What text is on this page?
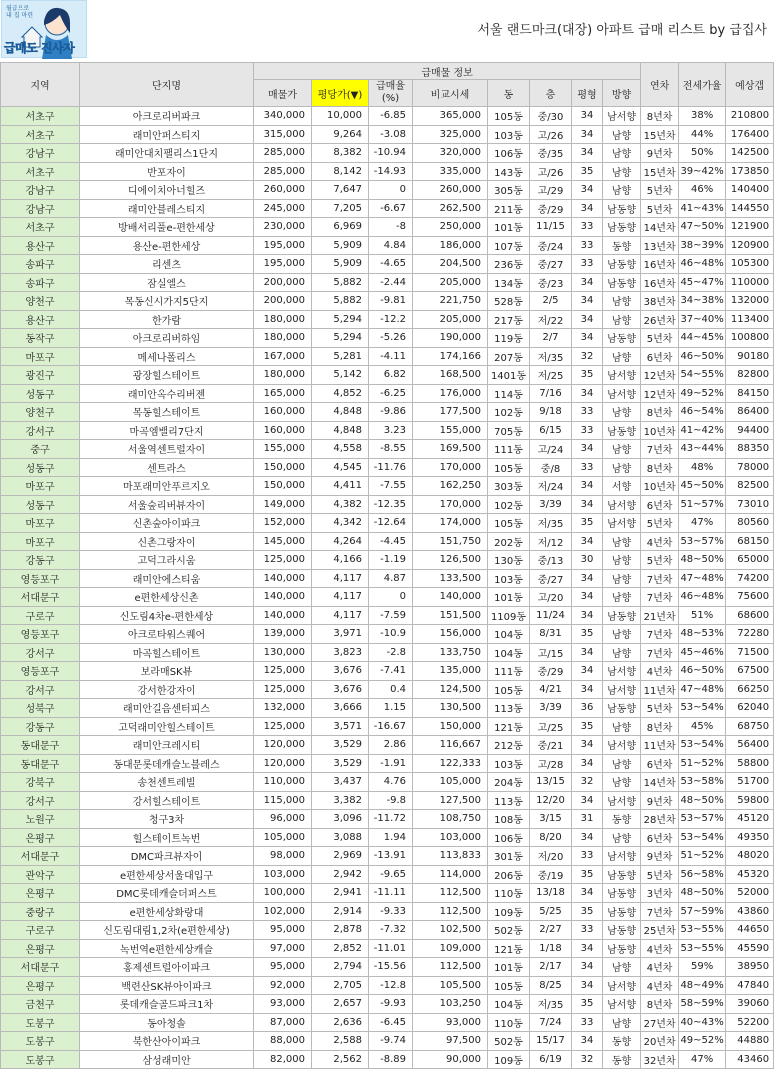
월급으로 내 집 마련
급매도 진사자
서울 랜드마크(대장) 아파트 급매 리스트 by 급집사
지역	단지명	급매물 정보								연차	전세가율	예상갭
		매물가	평당가(▼)	급매율 (%)	비교시세	동	층	평형	방향			
서초구	아크로리버파크	340,000	10,000	-6.85	365,000	105동	중/30	34	남서향	8년차	38%	210800
서초구	래미안퍼스티지	315,000	9,264	-3.08	325,000	103동	고/26	34	남향	15년차	44%	176400
강남구	래미안대치팰리스1단지	285,000	8,382	-10.94	320,000	106동	중/35	34	남향	9년차	50%	142500
서초구	반포자이	285,000	8,142	-14.93	335,000	143동	고/26	35	남향	15년차	39~42%	173850
강남구	디에이치아너힐즈	260,000	7,647	0	260,000	305동	고/29	34	남향	5년차	46%	140400
강남구	래미안블레스티지	245,000	7,205	-6.67	262,500	211동	중/29	34	남동향	5년차	41~43%	144550
서초구	방배서리풀e-편한세상	230,000	6,969	-8	250,000	101동	11/15	33	남동향	14년차	47~50%	121900
용산구	용산e-편한세상	195,000	5,909	4.84	186,000	107동	중/24	33	동향	13년차	38~39%	120900
송파구	리센츠	195,000	5,909	-4.65	204,500	236동	중/27	33	남동향	16년차	46~48%	105300
송파구	잠실엘스	200,000	5,882	-2.44	205,000	134동	중/23	34	남동향	16년차	45~47%	110000
양천구	목동신시가지5단지	200,000	5,882	-9.81	221,750	528동	2/5	34	남향	38년차	34~38%	132000
용산구	한가람	180,000	5,294	-12.2	205,000	217동	저/22	34	남향	26년차	37~40%	113400
동작구	아크로리버하임	180,000	5,294	-5.26	190,000	119동	2/7	34	남동향	5년차	44~45%	100800
마포구	메세나폴리스	167,000	5,281	-4.11	174,166	207동	저/35	32	남향	6년차	46~50%	90180
광진구	광장힐스테이트	180,000	5,142	6.82	168,500	1401동	저/25	35	남서향	12년차	54~55%	82800
성동구	래미안옥수리버젠	165,000	4,852	-6.25	176,000	114동	7/16	34	남서향	12년차	49~52%	84150
양천구	목동힐스테이트	160,000	4,848	-9.86	177,500	102동	9/18	33	남향	8년차	46~54%	86400
강서구	마곡엠밸리7단지	160,000	4,848	3.23	155,000	705동	6/15	33	남동향	10년차	41~42%	94400
중구	서울역센트럴자이	155,000	4,558	-8.55	169,500	111동	고/24	34	남향	7년차	43~44%	88350
성동구	센트라스	150,000	4,545	-11.76	170,000	105동	중/8	33	남향	8년차	48%	78000
마포구	마포래미안푸르지오	150,000	4,411	-7.55	162,250	303동	저/24	34	서향	10년차	45~50%	82500
성동구	서울숲리버뷰자이	149,000	4,382	-12.35	170,000	102동	3/39	34	남서향	6년차	51~57%	73010
마포구	신촌숲아이파크	152,000	4,342	-12.64	174,000	105동	저/35	35	남서향	5년차	47%	80560
마포구	신촌그랑자이	145,000	4,264	-4.45	151,750	202동	저/12	34	남향	4년차	53~57%	68150
강동구	고덕그라시움	125,000	4,166	-1.19	126,500	130동	중/13	30	남향	5년차	48~50%	65000
영등포구	래미안에스티움	140,000	4,117	4.87	133,500	103동	중/27	34	남향	7년차	47~48%	74200
서대문구	e편한세상신촌	140,000	4,117	0	140,000	101동	고/20	34	남향	7년차	46~48%	75600
구로구	신도림4차e-편한세상	140,000	4,117	-7.59	151,500	1109동	11/24	34	남동향	21년차	51%	68600
영등포구	아크로타워스퀘어	139,000	3,971	-10.9	156,000	104동	8/31	35	남향	7년차	48~53%	72280
강서구	마곡힐스테이트	130,000	3,823	-2.8	133,750	104동	고/15	34	남향	7년차	45~46%	71500
영등포구	보라매SK뷰	125,000	3,676	-7.41	135,000	111동	중/29	34	남서향	4년차	46~50%	67500
강서구	강서한강자이	125,000	3,676	0.4	124,500	105동	4/21	34	남서향	11년차	47~48%	66250
성북구	래미안길음센터피스	132,000	3,666	1.15	130,500	113동	3/39	36	남동향	5년차	53~54%	62040
강동구	고덕래미안힐스테이트	125,000	3,571	-16.67	150,000	121동	고/25	35	남향	8년차	45%	68750
동대문구	래미안크레시티	120,000	3,529	2.86	116,667	212동	중/21	34	남서향	11년차	53~54%	56400
동대문구	동대문롯데캐슬노블레스	120,000	3,529	-1.91	122,333	103동	고/28	34	남향	6년차	51~52%	58800
강북구	송천센트레빌	110,000	3,437	4.76	105,000	204동	13/15	32	남향	14년차	53~58%	51700
강서구	강서힐스테이트	115,000	3,382	-9.8	127,500	113동	12/20	34	남서향	9년차	48~50%	59800
노원구	청구3차	96,000	3,096	-11.72	108,750	108동	3/15	31	동향	28년차	53~57%	45120
은평구	힐스테이트녹번	105,000	3,088	1.94	103,000	106동	8/20	34	남향	6년차	53~54%	49350
서대문구	DMC파크뷰자이	98,000	2,969	-13.91	113,833	301동	저/20	33	남서향	9년차	51~52%	48020
관악구	e편한세상서울대입구	103,000	2,942	-9.65	114,000	206동	중/19	35	남동향	5년차	56~58%	45320
은평구	DMC롯데캐슬더퍼스트	100,000	2,941	-11.11	112,500	110동	13/18	34	남동향	3년차	48~50%	52000
중랑구	e편한세상화랑대	102,000	2,914	-9.33	112,500	109동	5/25	35	남동향	7년차	57~59%	43860
구로구	신도림대림1,2차(e편한세상)	95,000	2,878	-7.32	102,500	502동	2/27	33	남동향	25년차	53~55%	44650
은평구	녹번역e편한세상캐슬	97,000	2,852	-11.01	109,000	121동	1/18	34	남동향	4년차	53~55%	45590
서대문구	홍제센트럴아이파크	95,000	2,794	-15.56	112,500	101동	2/17	34	남향	4년차	59%	38950
은평구	백련산SK뷰아이파크	92,000	2,705	-12.8	105,500	105동	8/25	34	남서향	4년차	48~49%	47840
금천구	롯데캐슬골드파크1차	93,000	2,657	-9.93	103,250	104동	저/35	35	남서향	8년차	58~59%	39060
도봉구	동아청솔	87,000	2,636	-6.45	93,000	110동	7/24	33	남향	27년차	40~43%	52200
도봉구	북한산아이파크	88,000	2,588	-9.74	97,500	502동	15/17	34	동향	20년차	49~52%	44880
도봉구	삼성래미안	82,000	2,562	-8.89	90,000	109동	6/19	32	동향	32년차	47%	43460
